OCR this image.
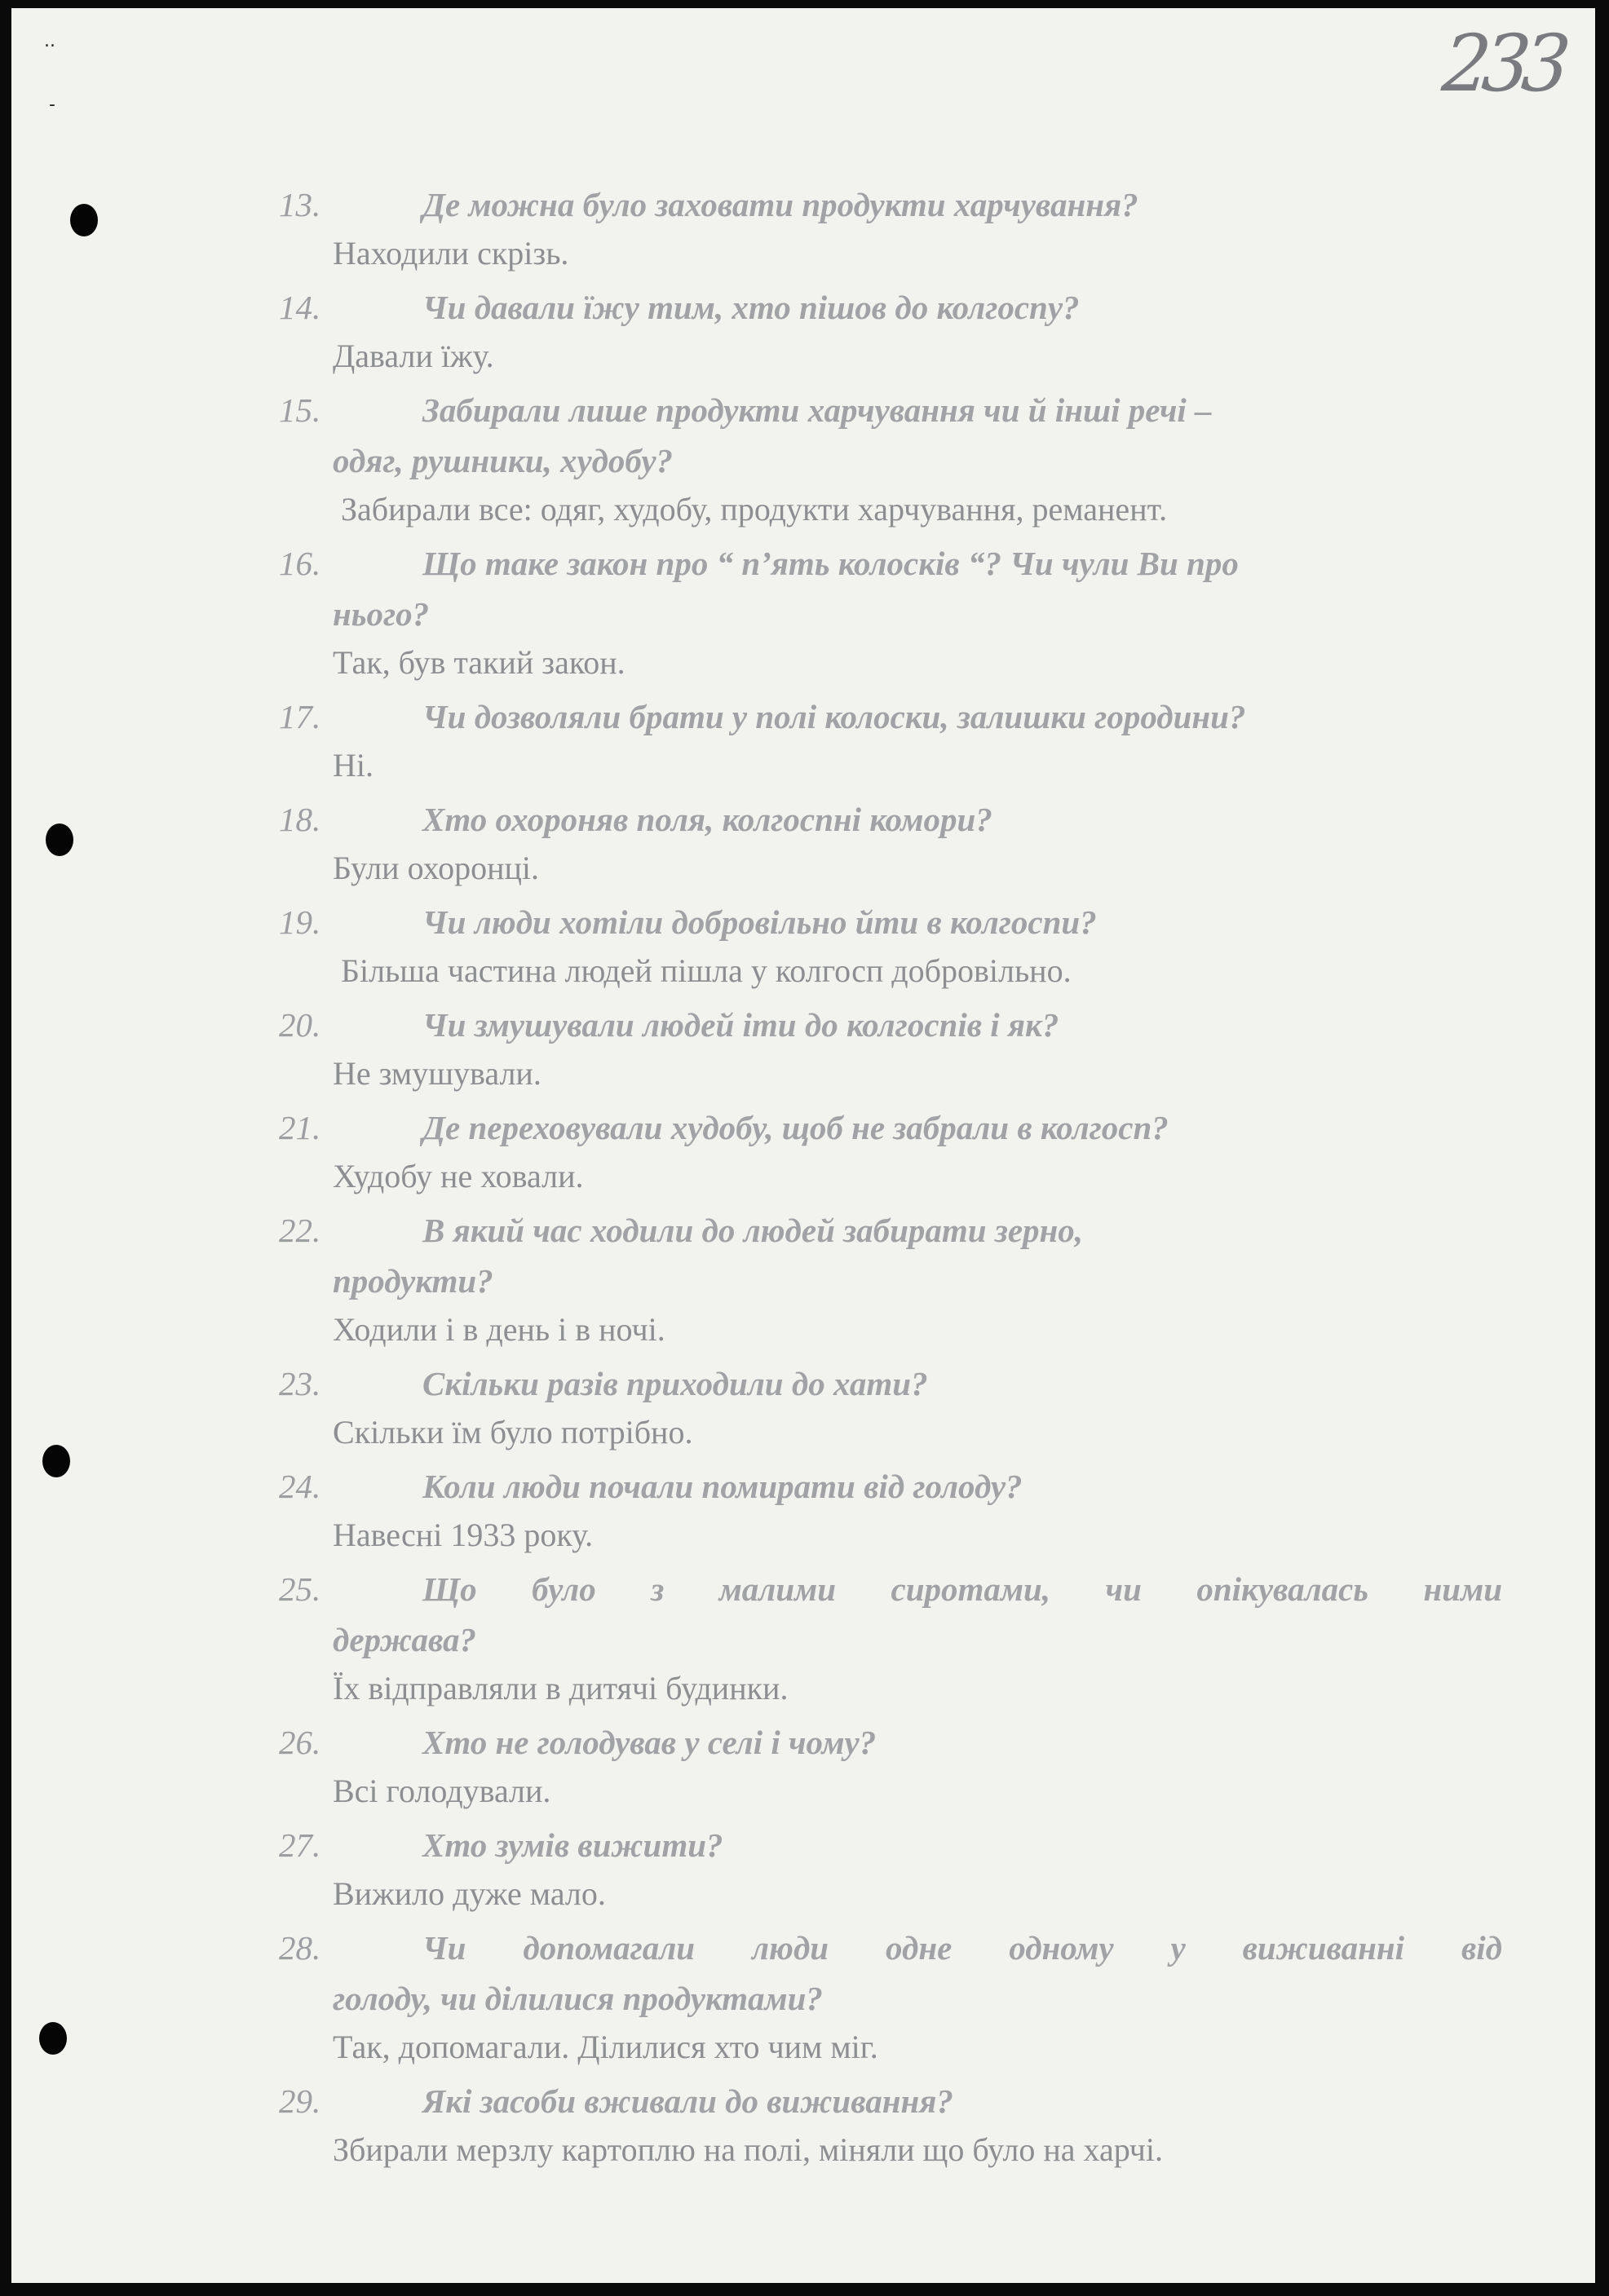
..
-	233
13.	Де можна було заховати продукти харчування?
Находили скрізь.
14.	Чи давали їжу тим, хто пішов до колгоспу?
Давали їжу.
15.	Забирали лише продукти харчування чи й інші речі –
одяг, рушники, худобу?
Забирали все: одяг, худобу, продукти харчування, реманент.
16.	Що таке закон про “ п’ять колосків “? Чи чули Ви про
нього?
Так, був такий закон.
17.	Чи дозволяли брати у полі колоски, залишки городини?
Ні.
18.	Хто охороняв поля, колгоспні комори?
Були охоронці.
19.	Чи люди хотіли добровільно йти в колгоспи?
Більша частина людей пішла у колгосп добровільно.
20.	Чи змушували людей іти до колгоспів і як?
Не змушували.
21.	Де переховували худобу, щоб не забрали в колгосп?
Худобу не ховали.
22.	В який час ходили до людей забирати зерно,
продукти?
Ходили і в день і в ночі.
23.	Скільки разів приходили до хати?
Скільки їм було потрібно.
24.	Коли люди почали помирати від голоду?
Навесні 1933 року.
25.	Що було з малими сиротами, чи опікувалась ними
держава?
Їх відправляли в дитячі будинки.
26.	Хто не голодував у селі і чому?
Всі голодували.
27.	Хто зумів вижити?
Вижило дуже мало.
28.	Чи допомагали люди одне одному у виживанні від
голоду, чи ділилися продуктами?
Так, допомагали. Ділилися хто чим міг.
29.	Які засоби вживали до виживання?
Збирали мерзлу картоплю на полі, міняли що було на харчі.
